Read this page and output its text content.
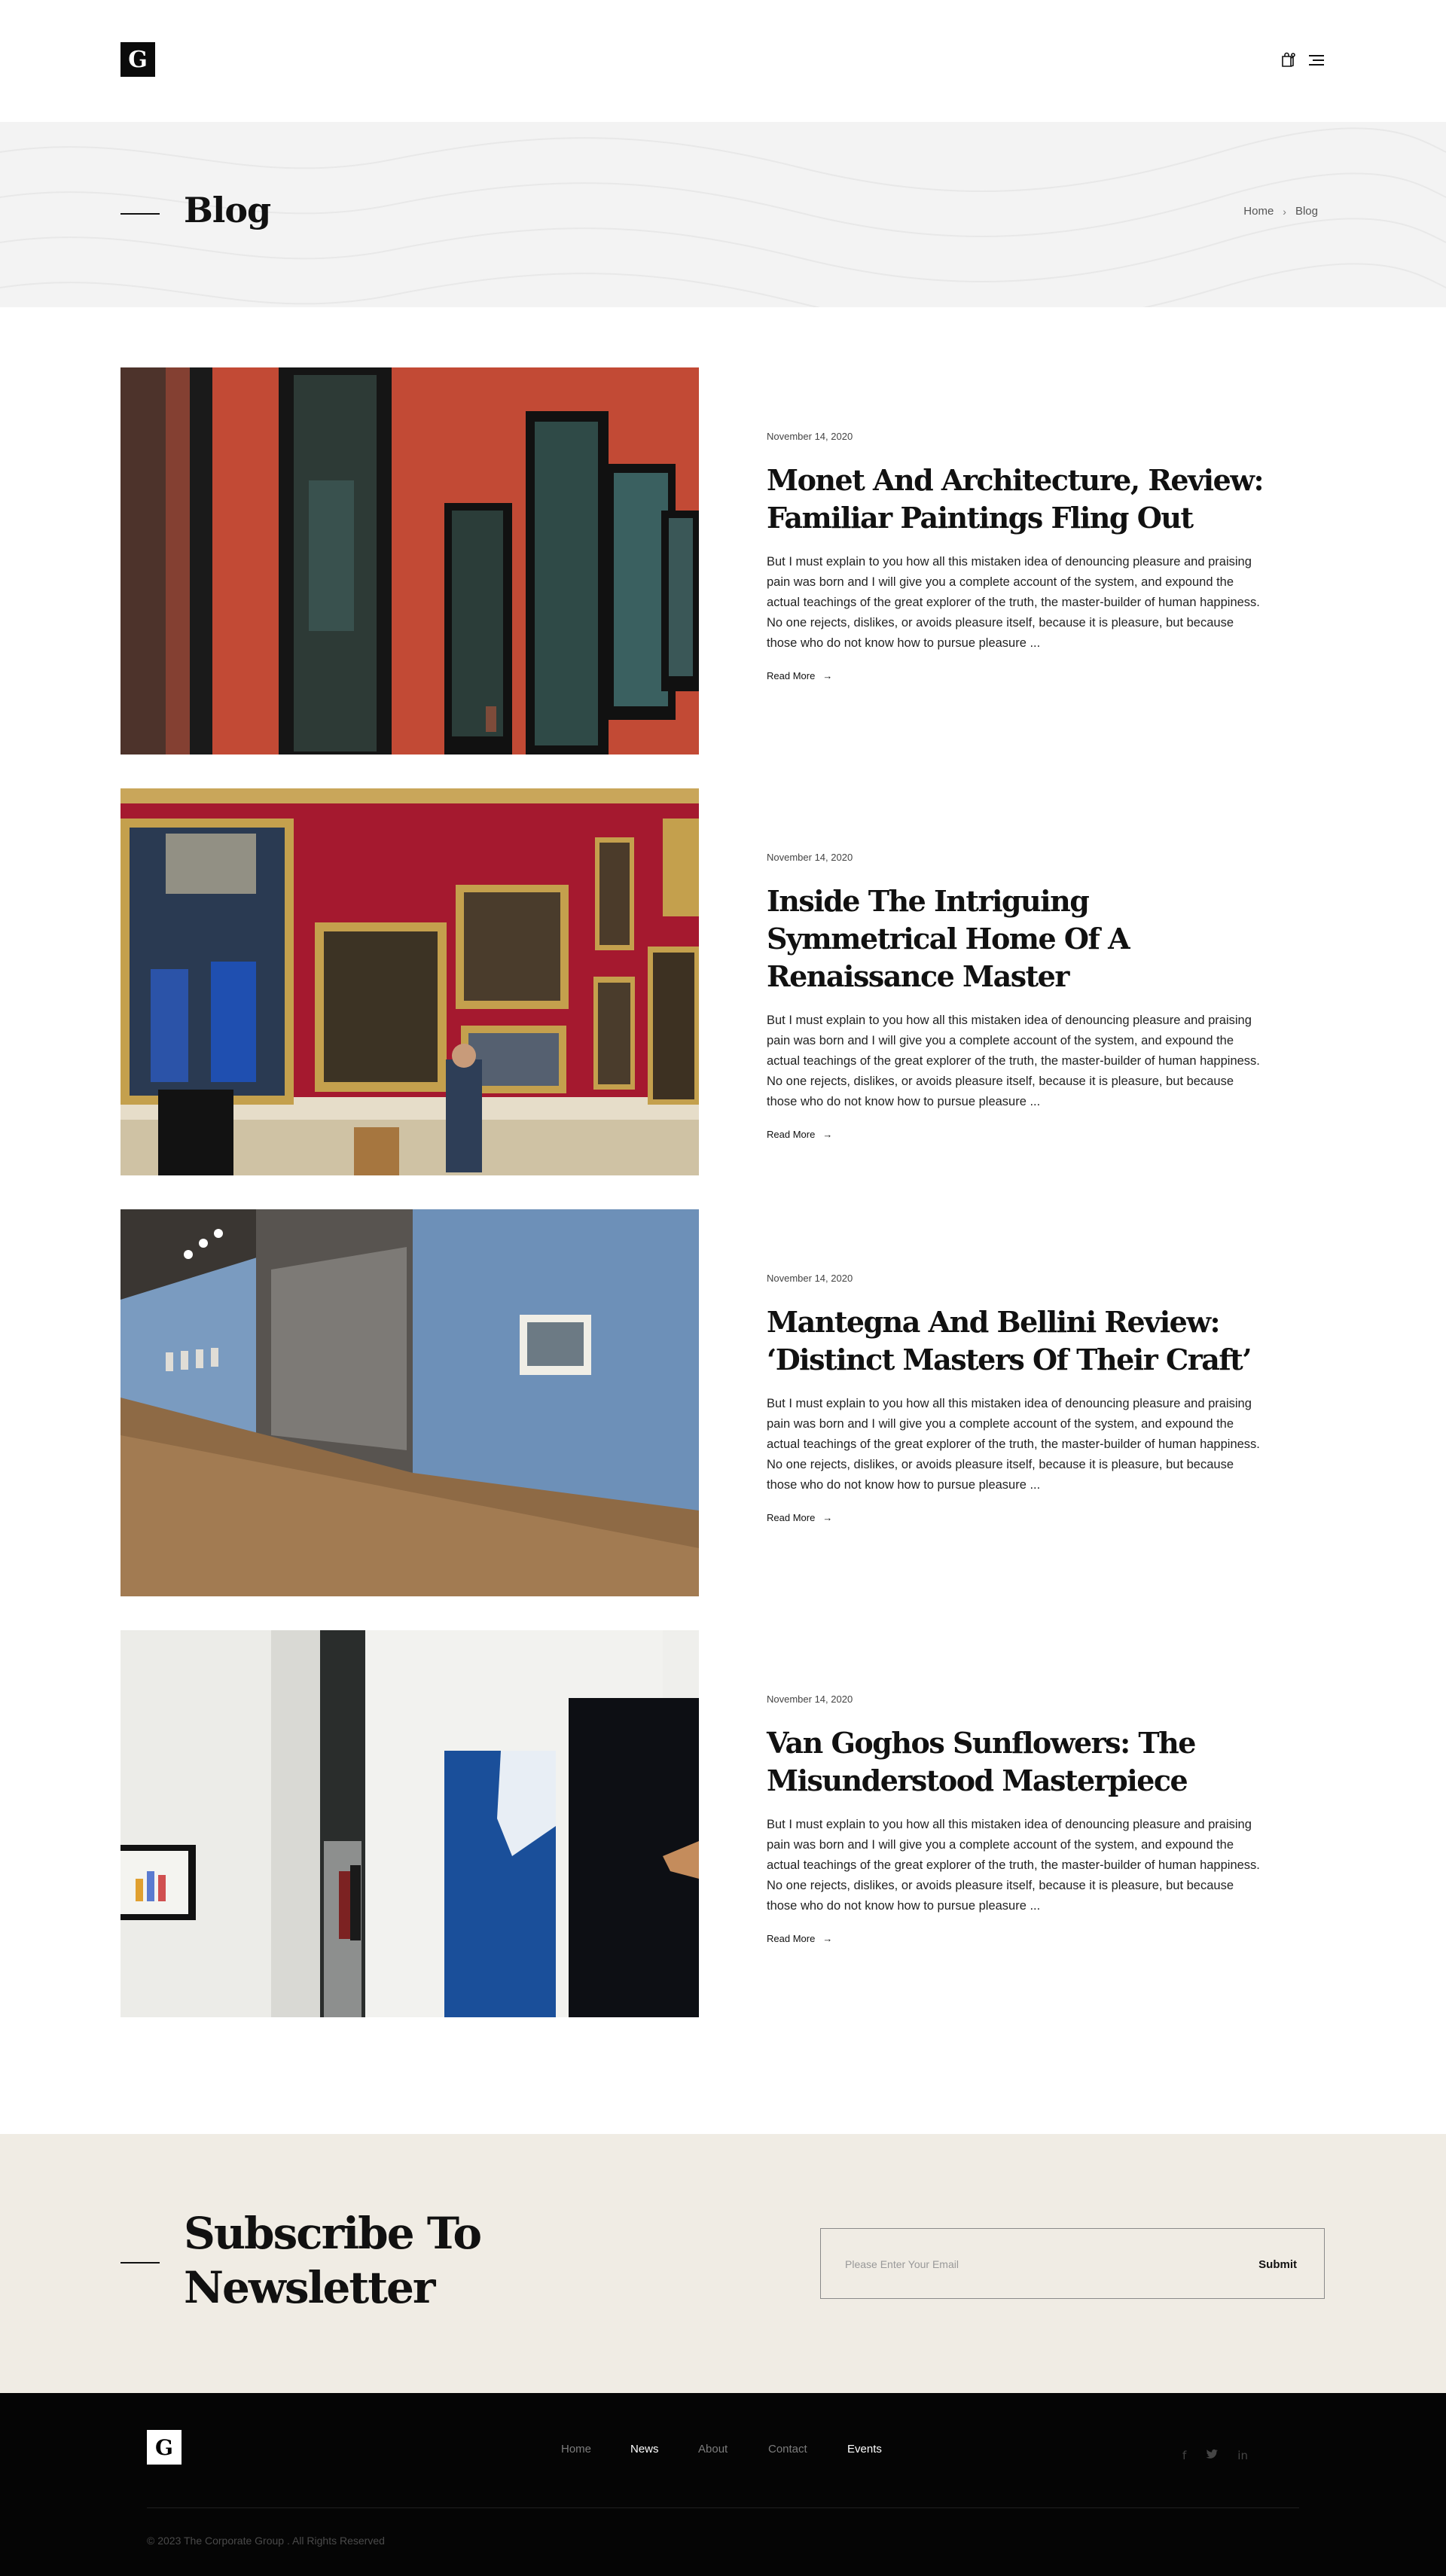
G
Blog	Home › Blog
November 14, 2020
Monet And Architecture, Review: Familiar Paintings Fling Out

But I must explain to you how all this mistaken idea of denouncing pleasure and praising pain was born and I will give you a complete account of the system, and expound the actual teachings of the great explorer of the truth, the master-builder of human happiness. No one rejects, dislikes, or avoids pleasure itself, because it is pleasure, but because those who do not know how to pursue pleasure ...

Read More →
November 14, 2020
Inside The Intriguing Symmetrical Home Of A Renaissance Master

But I must explain to you how all this mistaken idea of denouncing pleasure and praising pain was born and I will give you a complete account of the system, and expound the actual teachings of the great explorer of the truth, the master-builder of human happiness. No one rejects, dislikes, or avoids pleasure itself, because it is pleasure, but because those who do not know how to pursue pleasure ...

Read More →
November 14, 2020
Mantegna And Bellini Review: ‘Distinct Masters Of Their Craft’

But I must explain to you how all this mistaken idea of denouncing pleasure and praising pain was born and I will give you a complete account of the system, and expound the actual teachings of the great explorer of the truth, the master-builder of human happiness. No one rejects, dislikes, or avoids pleasure itself, because it is pleasure, but because those who do not know how to pursue pleasure ...

Read More →
November 14, 2020
Van Goghos Sunflowers: The Misunderstood Masterpiece

But I must explain to you how all this mistaken idea of denouncing pleasure and praising pain was born and I will give you a complete account of the system, and expound the actual teachings of the great explorer of the truth, the master-builder of human happiness. No one rejects, dislikes, or avoids pleasure itself, because it is pleasure, but because those who do not know how to pursue pleasure ...

Read More →
Subscribe To Newsletter
Please Enter Your Email	Submit
G	Home	News	About	Contact	Events	f	in
© 2023 The Corporate Group . All Rights Reserved
